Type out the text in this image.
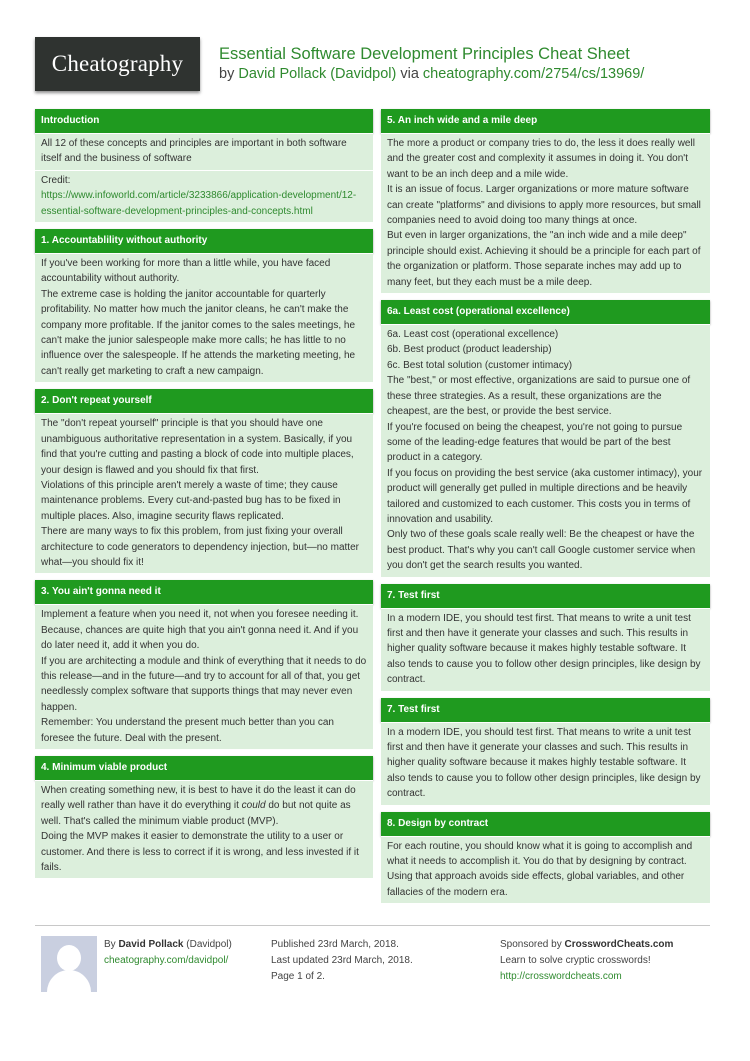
Cheatography Essential Software Development Principles Cheat Sheet
by David Pollack (Davidpol) via cheatography.com/2754/cs/13969/
Introduction
All 12 of these concepts and principles are important in both software itself and the business of software
Credit:
https://www.infoworld.com/article/3233866/application-development/12-essential-software-development-principles-and-concepts.html
1. Accountablility without authority
If you've been working for more than a little while, you have faced accountability without authority.
The extreme case is holding the janitor accountable for quarterly profitability. No matter how much the janitor cleans, he can't make the company more profitable. If the janitor comes to the sales meetings, he can't make the junior salespeople make more calls; he has little to no influence over the salespeople. If he attends the marketing meeting, he can't really get marketing to craft a new campaign.
2. Don't repeat yourself
The "don't repeat yourself" principle is that you should have one unambiguous authoritative representation in a system. Basically, if you find that you're cutting and pasting a block of code into multiple places, your design is flawed and you should fix that first.
Violations of this principle aren't merely a waste of time; they cause maintenance problems. Every cut-and-pasted bug has to be fixed in multiple places. Also, imagine security flaws replicated.
There are many ways to fix this problem, from just fixing your overall architecture to code generators to dependency injection, but—no matter what—you should fix it!
3. You ain't gonna need it
Implement a feature when you need it, not when you foresee needing it. Because, chances are quite high that you ain't gonna need it. And if you do later need it, add it when you do.
If you are architecting a module and think of everything that it needs to do this release—and in the future—and try to account for all of that, you get needlessly complex software that supports things that may never even happen.
Remember: You understand the present much better than you can foresee the future. Deal with the present.
4. Minimum viable product
When creating something new, it is best to have it do the least it can do really well rather than have it do everything it could do but not quite as well. That's called the minimum viable product (MVP).
Doing the MVP makes it easier to demonstrate the utility to a user or customer. And there is less to correct if it is wrong, and less invested if it fails.
5. An inch wide and a mile deep
The more a product or company tries to do, the less it does really well and the greater cost and complexity it assumes in doing it. You don't want to be an inch deep and a mile wide.
It is an issue of focus. Larger organizations or more mature software can create "platforms" and divisions to apply more resources, but small companies need to avoid doing too many things at once.
But even in larger organizations, the "an inch wide and a mile deep" principle should exist. Achieving it should be a principle for each part of the organization or platform. Those separate inches may add up to many feet, but they each must be a mile deep.
6a. Least cost (operational excellence)
6a. Least cost (operational excellence)
6b. Best product (product leadership)
6c. Best total solution (customer intimacy)
The "best," or most effective, organizations are said to pursue one of these three strategies. As a result, these organizations are the cheapest, are the best, or provide the best service.
If you're focused on being the cheapest, you're not going to pursue some of the leading-edge features that would be part of the best product in a category.
If you focus on providing the best service (aka customer intimacy), your product will generally get pulled in multiple directions and be heavily tailored and customized to each customer. This costs you in terms of innovation and usability.
Only two of these goals scale really well: Be the cheapest or have the best product. That's why you can't call Google customer service when you don't get the search results you wanted.
7. Test first
In a modern IDE, you should test first. That means to write a unit test first and then have it generate your classes and such. This results in higher quality software because it makes highly testable software. It also tends to cause you to follow other design principles, like design by contract.
7. Test first
In a modern IDE, you should test first. That means to write a unit test first and then have it generate your classes and such. This results in higher quality software because it makes highly testable software. It also tends to cause you to follow other design principles, like design by contract.
8. Design by contract
For each routine, you should know what it is going to accomplish and what it needs to accomplish it. You do that by designing by contract. Using that approach avoids side effects, global variables, and other fallacies of the modern era.
By David Pollack (Davidpol)
cheatography.com/davidpol/
Published 23rd March, 2018.
Last updated 23rd March, 2018.
Page 1 of 2.
Sponsored by CrosswordCheats.com
Learn to solve cryptic crosswords!
http://crosswordcheats.com
